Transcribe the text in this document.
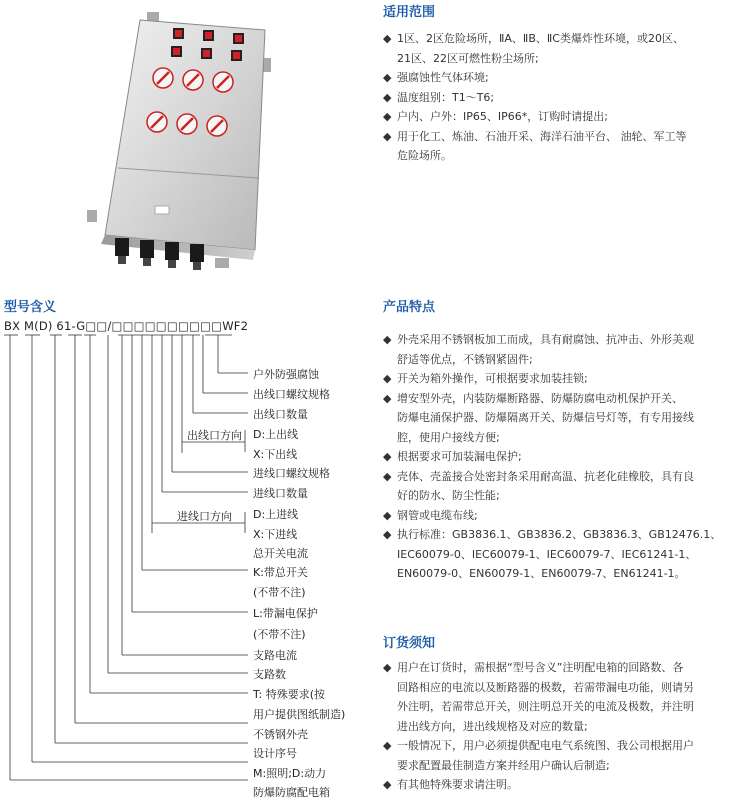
适用范围
◆ 1区、2区危险场所，ⅡA、ⅡB、ⅡC类爆炸性环境，或20区、
21区、22区可燃性粉尘场所;
◆ 强腐蚀性气体环境;
◆ 温度组别：T1～T6;
◆ 户内、户外：IP65、IP66*，订购时请提出;
◆ 用于化工、炼油、石油开采、海洋石油平台、 油轮、军工等
危险场所。
产品特点
◆ 外壳采用不锈钢板加工而成，具有耐腐蚀、抗冲击、外形美观
舒适等优点，不锈钢紧固件;
◆ 开关为箱外操作，可根据要求加装挂锁;
◆ 增安型外壳，内装防爆断路器、防爆防腐电动机保护开关、
防爆电涌保护器、防爆隔离开关、防爆信号灯等，有专用接线
腔，使用户接线方便;
◆ 根据要求可加装漏电保护;
◆ 壳体、壳盖接合处密封条采用耐高温、抗老化硅橡胶，具有良
好的防水、防尘性能;
◆ 钢管或电缆布线;
◆ 执行标准：GB3836.1、GB3836.2、GB3836.3、GB12476.1、
IEC60079-0、IEC60079-1、IEC60079-7、IEC61241-1、
EN60079-0、EN60079-1、EN60079-7、EN61241-1。
订货须知
◆ 用户在订货时，需根据“型号含义”注明配电箱的回路数、各
回路相应的电流以及断路器的极数，若需带漏电功能，则请另
外注明，若需带总开关，则注明总开关的电流及极数，并注明
进出线方向，进出线规格及对应的数量;
◆ 一般情况下，用户必须提供配电电气系统图、我公司根据用户
要求配置最佳制造方案并经用户确认后制造;
◆ 有其他特殊要求请注明。
型号含义
BX M(D) 61-G□□/□□□□□□□□□□WF2
户外防强腐蚀
出线口螺纹规格
出线口数量
出线口方向 D:上出线
X:下出线
进线口螺纹规格
进线口数量
进线口方向 D:上进线
X:下进线
总开关电流
K:带总开关
(不带不注)
L:带漏电保护
(不带不注)
支路电流
支路数
T: 特殊要求(按
用户提供图纸制造)
不锈钢外壳
设计序号
M:照明;D:动力
防爆防腐配电箱
